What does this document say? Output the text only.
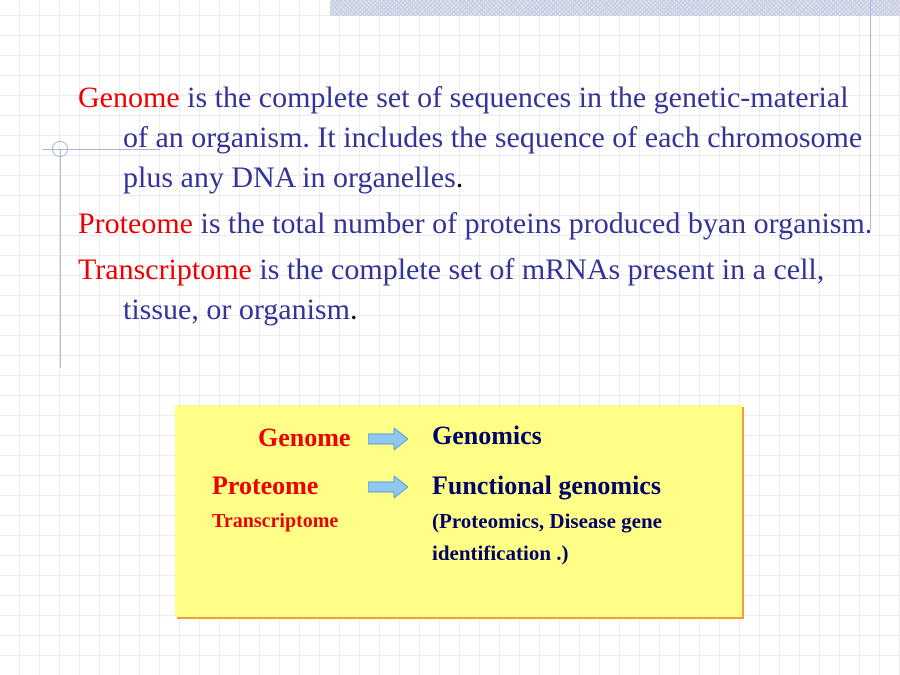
Genome is the complete set of sequences in the genetic-material of an organism. It includes the sequence of each chromosome plus any DNA in organelles.
Proteome is the total number of proteins produced byan organism.
Transcriptome is the complete set of mRNAs present in a cell, tissue, or organism.
Genome	Genomics
Proteome	Functional genomics
Transcriptome	(Proteomics, Disease gene
identification .)
